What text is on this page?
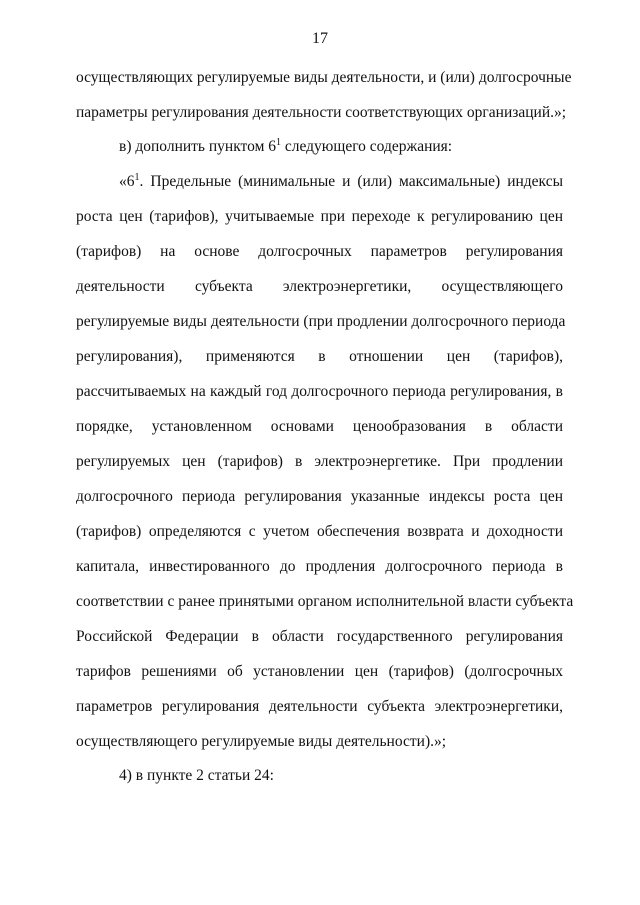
17
осуществляющих регулируемые виды деятельности, и (или) долгосрочные
параметры регулирования деятельности соответствующих организаций.»;
в) дополнить пунктом $6^1$ следующего содержания:
«$6^1$. Предельные (минимальные и (или) максимальные) индексы
роста цен (тарифов), учитываемые при переходе к регулированию цен
(тарифов) на основе долгосрочных параметров регулирования
деятельности субъекта электроэнергетики, осуществляющего
регулируемые виды деятельности (при продлении долгосрочного периода
регулирования), применяются в отношении цен (тарифов),
рассчитываемых на каждый год долгосрочного периода регулирования, в
порядке, установленном основами ценообразования в области
регулируемых цен (тарифов) в электроэнергетике. При продлении
долгосрочного периода регулирования указанные индексы роста цен
(тарифов) определяются с учетом обеспечения возврата и доходности
капитала, инвестированного до продления долгосрочного периода в
соответствии с ранее принятыми органом исполнительной власти субъекта
Российской Федерации в области государственного регулирования
тарифов решениями об установлении цен (тарифов) (долгосрочных
параметров регулирования деятельности субъекта электроэнергетики,
осуществляющего регулируемые виды деятельности).»;
4) в пункте 2 статьи 24:
